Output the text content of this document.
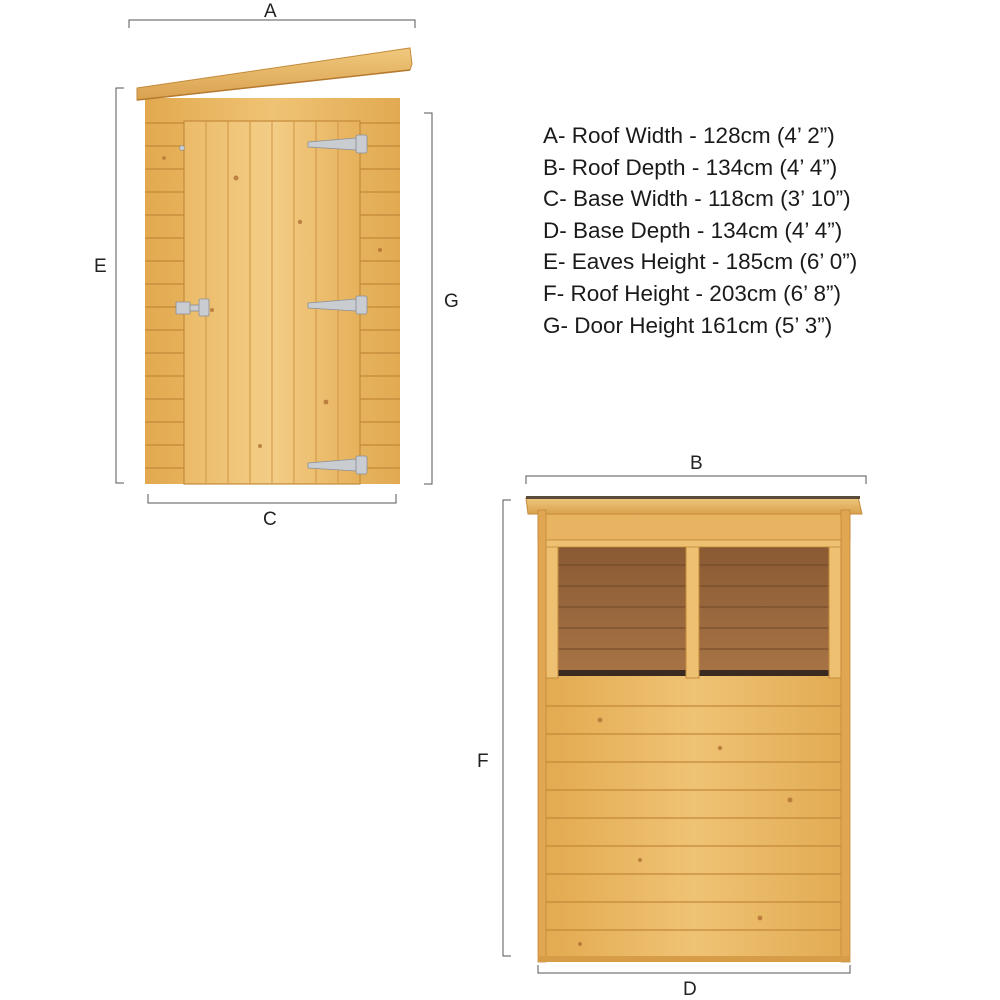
A
C
E
G
B
F
D
A- Roof Width - 128cm (4’ 2”)
B- Roof Depth - 134cm (4’ 4”)
C- Base Width - 118cm (3’ 10”)
D- Base Depth - 134cm (4’ 4”)
E- Eaves Height - 185cm (6’ 0”)
F- Roof Height - 203cm (6’ 8”)
G- Door Height 161cm (5’ 3”)
